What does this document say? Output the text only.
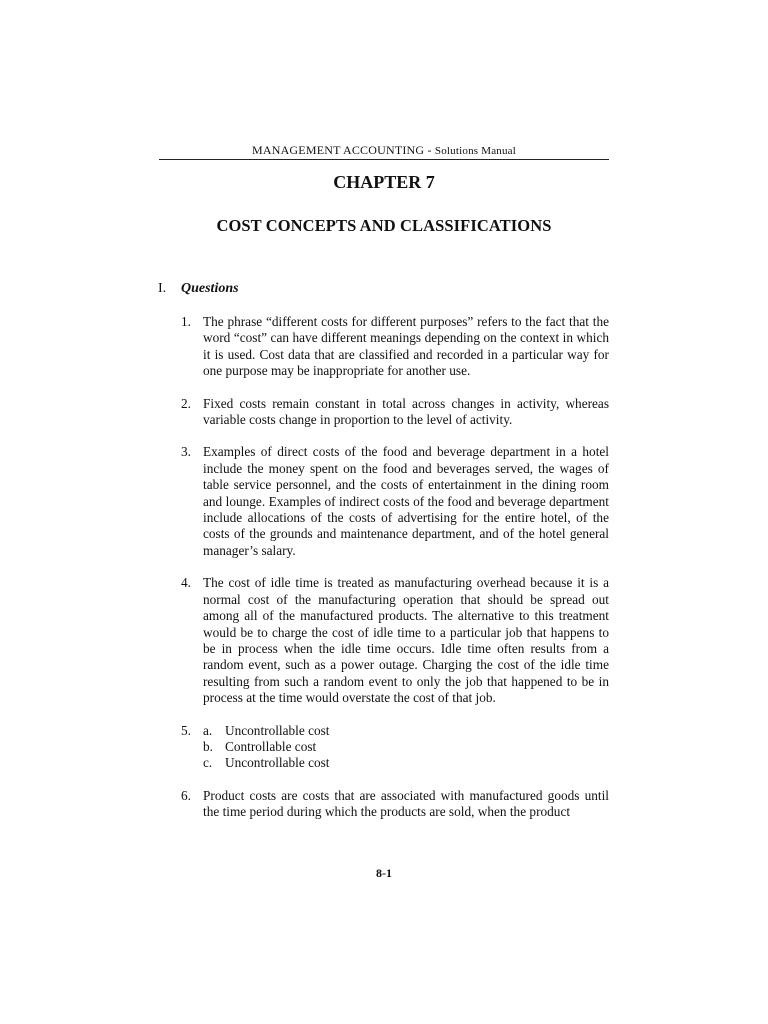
MANAGEMENT ACCOUNTING - Solutions Manual
CHAPTER 7
COST CONCEPTS AND CLASSIFICATIONS
I. Questions
1. The phrase “different costs for different purposes” refers to the fact that the word “cost” can have different meanings depending on the context in which it is used. Cost data that are classified and recorded in a particular way for one purpose may be inappropriate for another use.
2. Fixed costs remain constant in total across changes in activity, whereas variable costs change in proportion to the level of activity.
3. Examples of direct costs of the food and beverage department in a hotel include the money spent on the food and beverages served, the wages of table service personnel, and the costs of entertainment in the dining room and lounge. Examples of indirect costs of the food and beverage department include allocations of the costs of advertising for the entire hotel, of the costs of the grounds and maintenance department, and of the hotel general manager’s salary.
4. The cost of idle time is treated as manufacturing overhead because it is a normal cost of the manufacturing operation that should be spread out among all of the manufactured products. The alternative to this treatment would be to charge the cost of idle time to a particular job that happens to be in process when the idle time occurs. Idle time often results from a random event, such as a power outage. Charging the cost of the idle time resulting from such a random event to only the job that happened to be in process at the time would overstate the cost of that job.
5. a. Uncontrollable cost
b. Controllable cost
c. Uncontrollable cost
6. Product costs are costs that are associated with manufactured goods until the time period during which the products are sold, when the product
8-1
